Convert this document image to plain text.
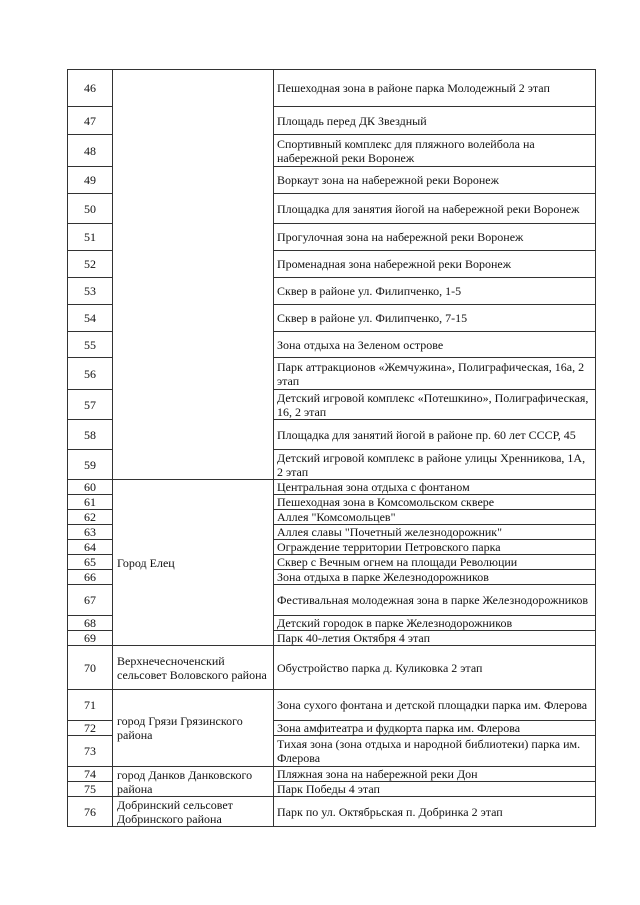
46		Пешеходная зона в районе парка Молодежный 2 этап
47		Площадь перед ДК Звездный
48		Спортивный комплекс для пляжного волейбола на набережной реки Воронеж
49		Воркаут зона на набережной реки Воронеж
50		Площадка для занятия йогой на набережной реки Воронеж
51		Прогулочная зона на набережной реки Воронеж
52		Променадная зона набережной реки Воронеж
53		Сквер в районе ул. Филипченко, 1-5
54		Сквер в районе ул. Филипченко, 7-15
55		Зона отдыха на Зеленом острове
56		Парк аттракционов «Жемчужина», Полиграфическая, 16а, 2 этап
57		Детский игровой комплекс «Потешкино», Полиграфическая, 16, 2 этап
58		Площадка для занятий йогой в районе пр. 60 лет СССР, 45
59		Детский игровой комплекс в районе улицы Хренникова, 1А, 2 этап
60	Город Елец	Центральная зона отдыха с фонтаном
61		Пешеходная зона в Комсомольском сквере
62		Аллея "Комсомольцев"
63		Аллея славы "Почетный железнодорожник"
64		Ограждение территории Петровского парка
65		Сквер с Вечным огнем на площади Революции
66		Зона отдыха в парке Железнодорожников
67		Фестивальная молодежная зона в парке Железнодорожников
68		Детский городок в парке Железнодорожников
69		Парк 40-летия Октября 4 этап
70	Верхнечесноченский сельсовет Воловского района	Обустройство парка д. Куликовка 2 этап
71	город Грязи Грязинского района	Зона сухого фонтана и детской площадки парка им. Флерова
72		Зона амфитеатра и фудкорта парка им. Флерова
73		Тихая зона (зона отдыха и народной библиотеки) парка им. Флерова
74	город Данков Данковского района	Пляжная зона на набережной реки Дон
75		Парк Победы 4 этап
76	Добринский сельсовет Добринского района	Парк по ул. Октябрьская п. Добринка 2 этап
